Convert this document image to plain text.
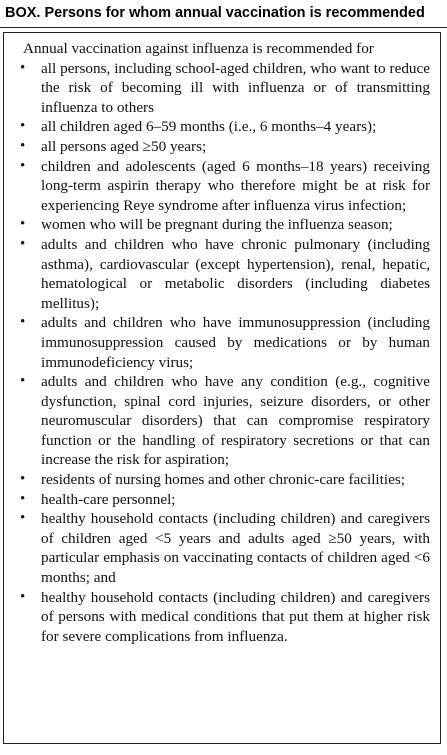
BOX. Persons for whom annual vaccination is recommended
Annual vaccination against influenza is recommended for
• all persons, including school-aged children, who want to reduce the risk of becoming ill with influenza or of transmitting influenza to others
• all children aged 6–59 months (i.e., 6 months–4 years);
• all persons aged ≥50 years;
• children and adolescents (aged 6 months–18 years) receiving long-term aspirin therapy who therefore might be at risk for experiencing Reye syndrome after influenza virus infection;
• women who will be pregnant during the influenza season;
• adults and children who have chronic pulmonary (including asthma), cardiovascular (except hypertension), renal, hepatic, hematological or metabolic disorders (including diabetes mellitus);
• adults and children who have immunosuppression (including immunosuppression caused by medications or by human immunodeficiency virus;
• adults and children who have any condition (e.g., cognitive dysfunction, spinal cord injuries, seizure disorders, or other neuromuscular disorders) that can compromise respiratory function or the handling of respiratory secretions or that can increase the risk for aspiration;
• residents of nursing homes and other chronic-care facilities;
• health-care personnel;
• healthy household contacts (including children) and caregivers of children aged <5 years and adults aged ≥50 years, with particular emphasis on vaccinating contacts of children aged <6 months; and
• healthy household contacts (including children) and caregivers of persons with medical conditions that put them at higher risk for severe complications from influenza.
